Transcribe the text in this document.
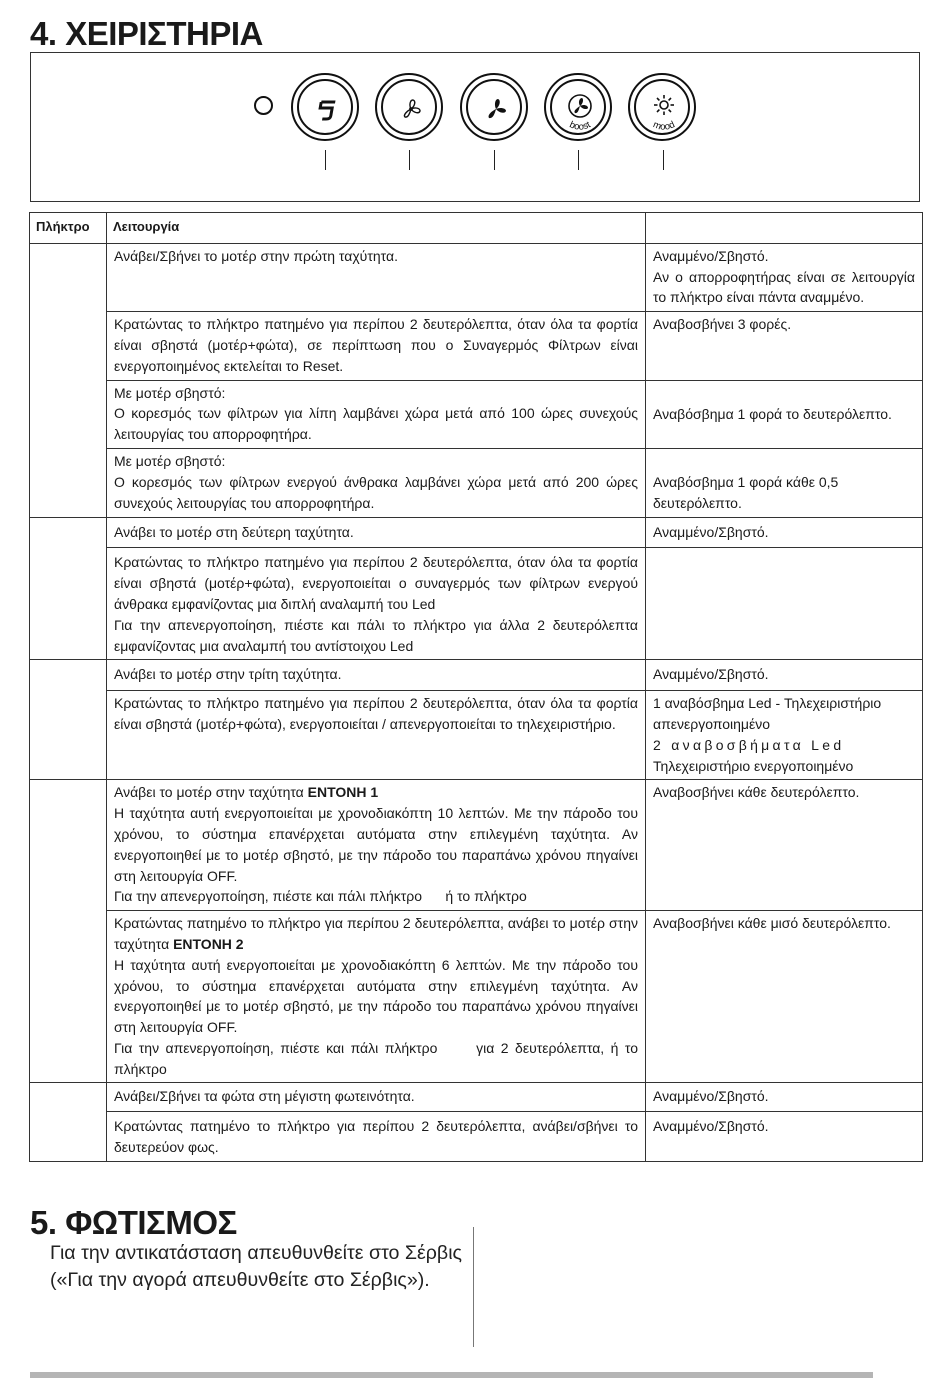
4. ΧΕΙΡΙΣΤΗΡΙΑ
boost	mood
Πλήκτρο	Λειτουργία	

	Ανάβει/Σβήνει το μοτέρ στην πρώτη ταχύτητα.	Αναμμένο/Σβηστό.
Αν ο απορροφητήρας είναι σε λειτουργία το πλήκτρο είναι πάντα αναμμένο.

	Κρατώντας το πλήκτρο πατημένο για περίπου 2 δευτερόλεπτα, όταν όλα τα φορτία είναι σβηστά (μοτέρ+φώτα), σε περίπτωση που ο Συναγερμός Φίλτρων είναι ενεργοποιημένος εκτελείται το Reset.	Αναβοσβήνει 3 φορές.

	Με μοτέρ σβηστό:
Ο κορεσμός των φίλτρων για λίπη λαμβάνει χώρα μετά από 100 ώρες συνεχούς λειτουργίας του απορροφητήρα.	Αναβόσβημα 1 φορά το δευτερόλεπτο.

	Με μοτέρ σβηστό:
Ο κορεσμός των φίλτρων ενεργού άνθρακα λαμβάνει χώρα μετά από 200 ώρες συνεχούς λειτουργίας του απορροφητήρα.	Αναβόσβημα 1 φορά κάθε 0,5 δευτερόλεπτο.

	Ανάβει το μοτέρ στη δεύτερη ταχύτητα.	Αναμμένο/Σβηστό.

	Κρατώντας το πλήκτρο πατημένο για περίπου 2 δευτερόλεπτα, όταν όλα τα φορτία είναι σβηστά (μοτέρ+φώτα), ενεργοποιείται ο συναγερμός των φίλτρων ενεργού άνθρακα εμφανίζοντας μια διπλή αναλαμπή του Led
Για την απενεργοποίηση, πιέστε και πάλι το πλήκτρο για άλλα 2 δευτερόλεπτα εμφανίζοντας μια αναλαμπή του αντίστοιχου Led	

	Ανάβει το μοτέρ στην τρίτη ταχύτητα.	Αναμμένο/Σβηστό.

	Κρατώντας το πλήκτρο πατημένο για περίπου 2 δευτερόλεπτα, όταν όλα τα φορτία είναι σβηστά (μοτέρ+φώτα), ενεργοποιείται / απενεργοποιείται το τηλεχειριστήριο.	1 αναβόσβημα Led - Τηλεχειριστήριο απενεργοποιημένο
2 αναβοσβήματα Led
Τηλεχειριστήριο ενεργοποιημένο

	Ανάβει το μοτέρ στην ταχύτητα ΕΝΤΟΝΗ 1
Η ταχύτητα αυτή ενεργοποιείται με χρονοδιακόπτη 10 λεπτών. Με την πάροδο του χρόνου, το σύστημα επανέρχεται αυτόματα στην επιλεγμένη ταχύτητα. Αν ενεργοποιηθεί με το μοτέρ σβηστό, με την πάροδο του παραπάνω χρόνου πηγαίνει στη λειτουργία OFF.
Για την απενεργοποίηση, πιέστε και πάλι πλήκτρο      ή το πλήκτρο	Αναβοσβήνει κάθε δευτερόλεπτο.

	Κρατώντας πατημένο το πλήκτρο για περίπου 2 δευτερόλεπτα, ανάβει το μοτέρ στην ταχύτητα ΕΝΤΟΝΗ 2
Η ταχύτητα αυτή ενεργοποιείται με χρονοδιακόπτη 6 λεπτών. Με την πάροδο του χρόνου, το σύστημα επανέρχεται αυτόματα στην επιλεγμένη ταχύτητα. Αν ενεργοποιηθεί με το μοτέρ σβηστό, με την πάροδο του παραπάνω χρόνου πηγαίνει στη λειτουργία OFF.
Για την απενεργοποίηση, πιέστε και πάλι πλήκτρο      για 2 δευτερόλεπτα, ή το πλήκτρο	Αναβοσβήνει κάθε μισό δευτερόλεπτο.

	Ανάβει/Σβήνει τα φώτα στη μέγιστη φωτεινότητα.	Αναμμένο/Σβηστό.

	Κρατώντας πατημένο το πλήκτρο για περίπου 2 δευτερόλεπτα, ανάβει/σβήνει το δευτερεύον φως.	Αναμμένο/Σβηστό.
5. ΦΩΤΙΣΜΟΣ
Για την αντικατάσταση απευθυνθείτε στο Σέρβις («Για την αγορά απευθυνθείτε στο Σέρβις»).
